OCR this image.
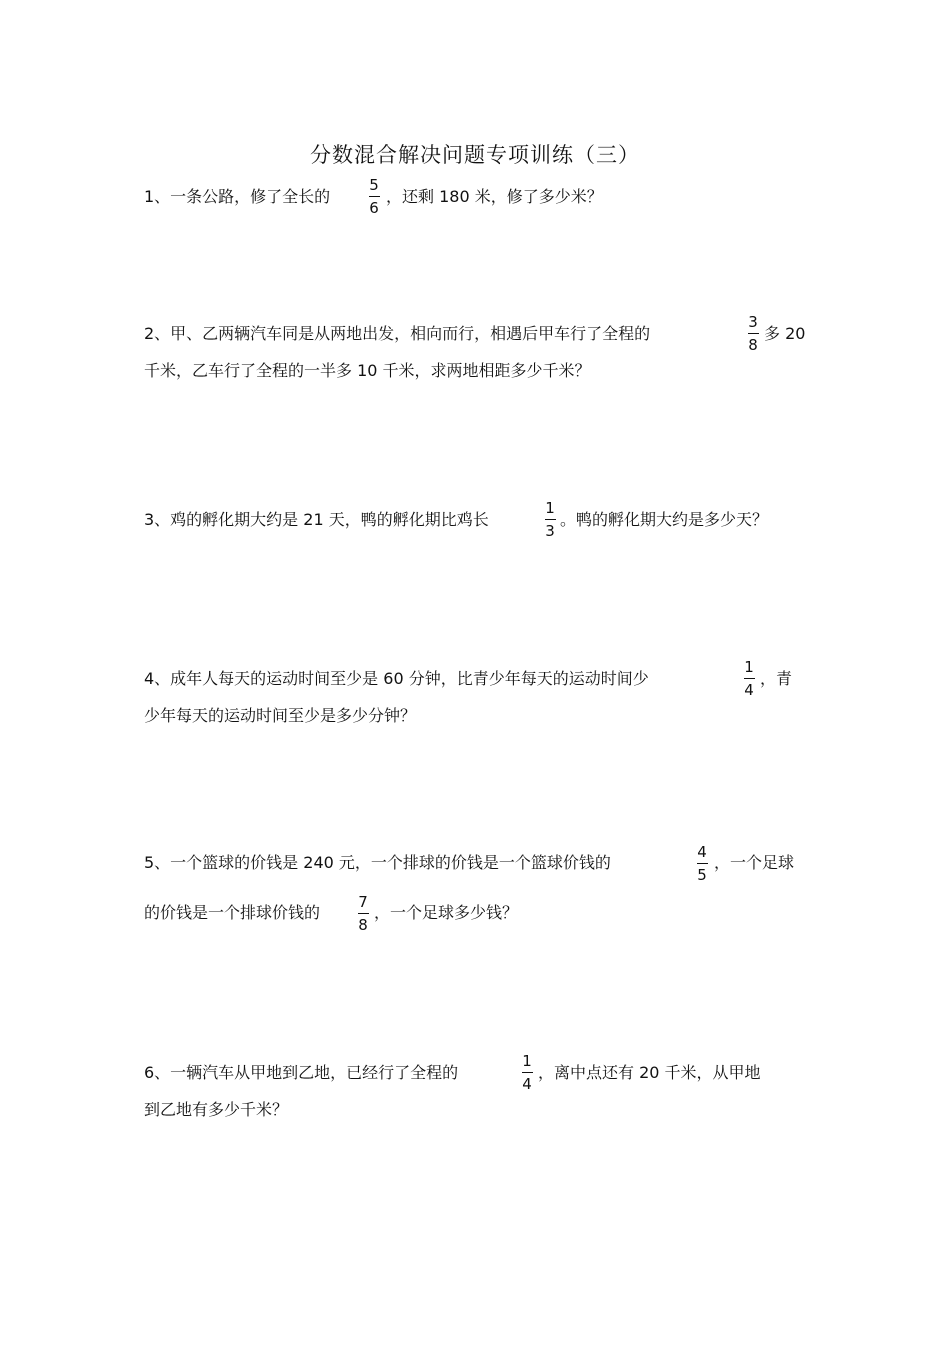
分数混合解决问题专项训练（三）
1、一条公路，修了全长的
5
6
，还剩 180 米，修了多少米？
2、甲、乙两辆汽车同是从两地出发，相向而行，相遇后甲车行了全程的
3
8
多 20
千米，乙车行了全程的一半多 10 千米，求两地相距多少千米？
3、鸡的孵化期大约是 21 天，鸭的孵化期比鸡长
1
3
。鸭的孵化期大约是多少天？
4、成年人每天的运动时间至少是 60 分钟，比青少年每天的运动时间少
1
4
，青
少年每天的运动时间至少是多少分钟？
5、一个篮球的价钱是 240 元，一个排球的价钱是一个篮球价钱的
4
5
，一个足球
的价钱是一个排球价钱的
7
8
，一个足球多少钱？
6、一辆汽车从甲地到乙地，已经行了全程的
1
4
，离中点还有 20 千米，从甲地
到乙地有多少千米？
